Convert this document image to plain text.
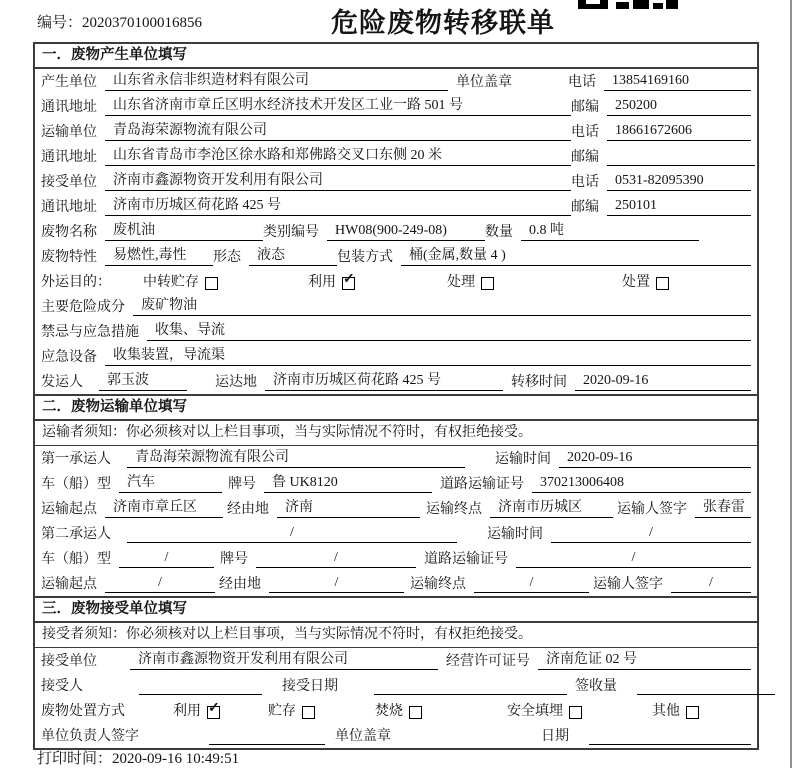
编号：2020370100016856	危险废物转移联单
一．废物产生单位填写
产生单位	山东省永信非织造材料有限公司	单位盖章	电话	13854169160
通讯地址	山东省济南市章丘区明水经济技术开发区工业一路 501 号	邮编	250200
运输单位	青岛海荣源物流有限公司	电话	18661672606
通讯地址	山东省青岛市李沧区徐水路和郑佛路交叉口东侧 20 米	邮编
接受单位	济南市鑫源物资开发利用有限公司	电话	0531-82095390
通讯地址	济南市历城区荷花路 425 号	邮编	250101
废物名称	废机油	类别编号	HW08(900-249-08)	数量	0.8 吨
废物特性	易燃性,毒性	形态	液态	包装方式	桶(金属,数量 4 )
外运目的： 中转贮存	利用 ✓	处理	处置
主要危险成分	废矿物油
禁忌与应急措施	收集、导流
应急设备	收集装置，导流渠
发运人	郭玉波	运达地	济南市历城区荷花路 425 号	转移时间	2020-09-16
二．废物运输单位填写
运输者须知：你必须核对以上栏目事项，当与实际情况不符时，有权拒绝接受。
第一承运人	青岛海荣源物流有限公司	运输时间	2020-09-16
车（船）型	汽车	牌号	鲁 UK8120	道路运输证号	370213006408
运输起点	济南市章丘区	经由地	济南	运输终点	济南市历城区	运输人签字	张春雷
第二承运人	/	运输时间	/
车（船）型	/	牌号	/	道路运输证号	/
运输起点	/	经由地	/	运输终点	/	运输人签字	/
三．废物接受单位填写
接受者须知：你必须核对以上栏目事项，当与实际情况不符时，有权拒绝接受。
接受单位	济南市鑫源物资开发利用有限公司	经营许可证号	济南危证 02 号
接受人	接受日期	签收量
废物处置方式	利用 ✓	贮存	焚烧	安全填埋	其他
单位负责人签字	单位盖章	日期
打印时间：2020-09-16 10:49:51
